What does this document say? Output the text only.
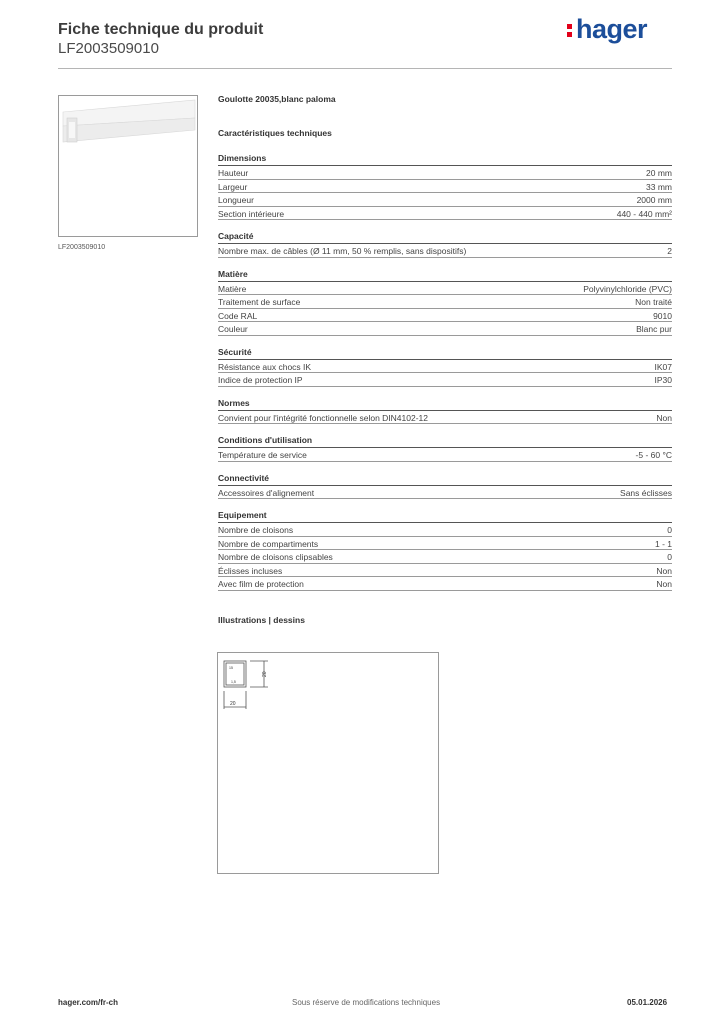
Fiche technique du produit
LF2003509010
hager
LF2003509010
Goulotte 20035,blanc paloma
Caractéristiques techniques
Dimensions
Hauteur	20 mm
Largeur	33 mm
Longueur	2000 mm
Section intérieure	440 - 440 mm²
Capacité
Nombre max. de câbles (Ø 11 mm, 50 % remplis, sans dispositifs)	2
Matière
Matière	Polyvinylchloride (PVC)
Traitement de surface	Non traité
Code RAL	9010
Couleur	Blanc pur
Sécurité
Résistance aux chocs IK	IK07
Indice de protection IP	IP30
Normes
Convient pour l'intégrité fonctionnelle selon DIN4102-12	Non
Conditions d'utilisation
Température de service	-5 - 60 °C
Connectivité
Accessoires d'alignement	Sans éclisses
Equipement
Nombre de cloisons	0
Nombre de compartiments	1 - 1
Nombre de cloisons clipsables	0
Éclisses incluses	Non
Avec film de protection	Non
Illustrations | dessins
20
20
15
1,5
hager.com/fr-ch	Sous réserve de modifications techniques	05.01.2026
